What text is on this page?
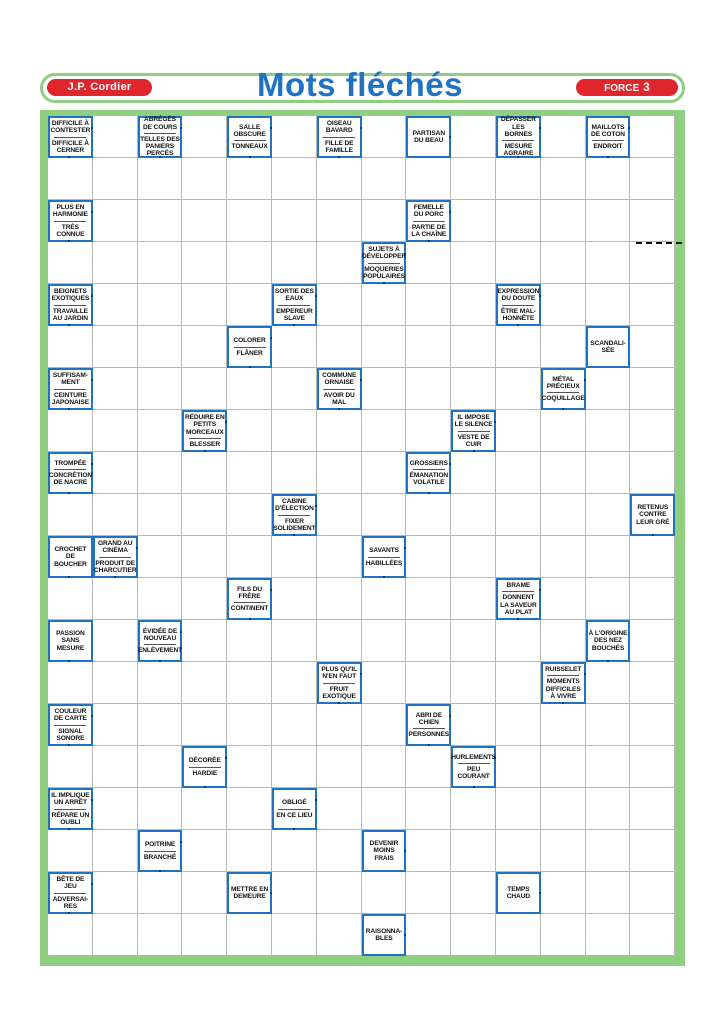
J.P. Cordier	Mots fléchés	FORCE 3
DIFFICILE À CONTESTER
DIFFICILE À CERNER
ABRÉGÉS DE COURS
TELLES DES PANIERS PERCÉS
SALLE OBSCURE
TONNEAUX
OISEAU BAVARD
FILLE DE FAMILLE
PARTISAN DU BEAU
DÉPASSER LES BORNES
MESURE AGRAIRE
MAILLOTS DE COTON
ENDROIT
PLUS EN HARMONIE
TRÈS CONNUE
FEMELLE DU PORC
PARTIE DE LA CHAÎNE
SUJETS À DÉVELOPPER
MOQUERIES POPULAIRES
BEIGNETS EXOTIQUES
TRAVAILLE AU JARDIN
SORTIE DES EAUX
EMPEREUR SLAVE
EXPRESSION DU DOUTE
ÊTRE MAL-HONNÊTE
COLORER
FLÂNER
SCANDALI-SÉE
SUFFISAM-MENT
CEINTURE JAPONAISE
COMMUNE ORNAISE
AVOIR DU MAL
MÉTAL PRÉCIEUX
COQUILLAGE
RÉDUIRE EN PETITS MORCEAUX
BLESSER
IL IMPOSE LE SILENCE
VESTE DE CUIR
TROMPÉE
CONCRÉTION DE NACRE
GROSSIERS
ÉMANATION VOLATILE
CABINE D'ÉLECTION
FIXER SOLIDEMENT
RETENUS CONTRE LEUR GRÉ
CROCHET DE BOUCHER
GRAND AU CINÉMA
PRODUIT DE CHARCUTIER
SAVANTS
HABILLÉES
FILS DU FRÈRE
CONTINENT
BRAME
DONNENT LA SAVEUR AU PLAT
PASSION SANS MESURE
ÉVIDÉE DE NOUVEAU
ENLÈVEMENT
À L'ORIGINE DES NEZ BOUCHÉS
PLUS QU'IL N'EN FAUT
FRUIT EXOTIQUE
RUISSELET
MOMENTS DIFFICILES À VIVRE
COULEUR DE CARTE
SIGNAL SONORE
ABRI DE CHIEN
PERSONNES
DÉCORÉE
HARDIE
HURLEMENTS
PEU COURANT
IL IMPLIQUE UN ARRÊT
RÉPARE UN OUBLI
OBLIGÉ
EN CE LIEU
POITRINE
BRANCHÉ
DEVENIR MOINS FRAIS
BÊTE DE JEU
ADVERSAI-RES
METTRE EN DEMEURE
TEMPS CHAUD
RAISONNA-BLES
